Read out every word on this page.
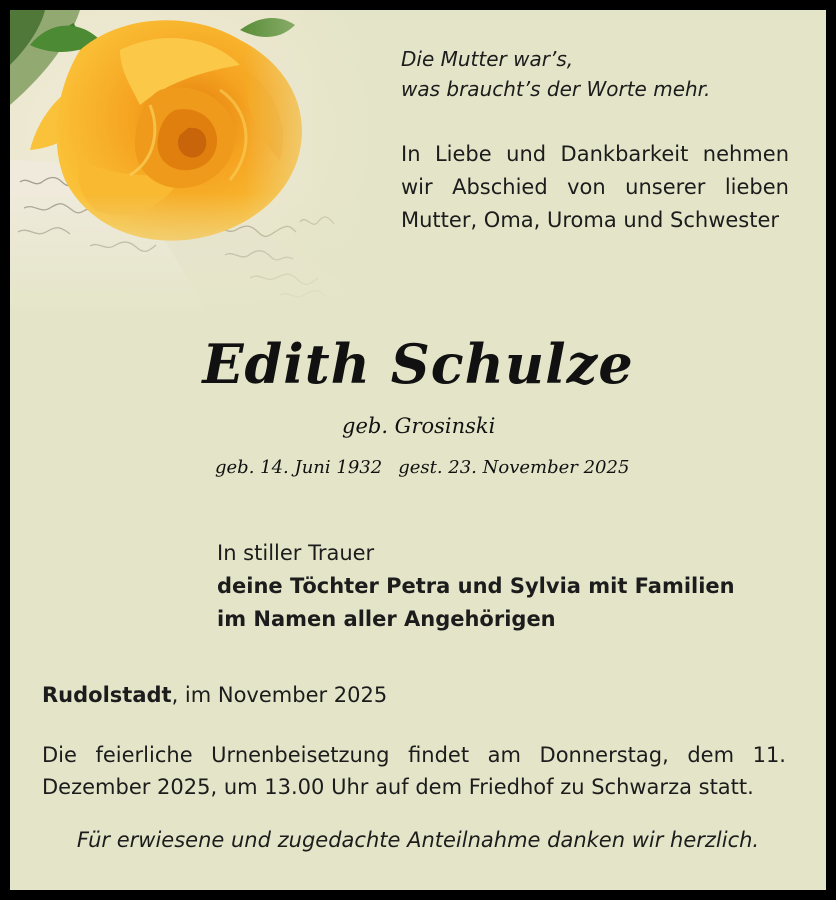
Die Mutter war’s,
was braucht’s der Worte mehr.
In Liebe und Dankbarkeit nehmen wir Abschied von unserer lieben Mutter, Oma, Uroma und Schwester
Edith Schulze
geb. Grosinski
geb. 14. Juni 1932 gest. 23. November 2025
In stiller Trauer
deine Töchter Petra und Sylvia mit Familien
im Namen aller Angehörigen
Rudolstadt, im November 2025
Die feierliche Urnenbeisetzung findet am Donnerstag, dem 11. Dezember 2025, um 13.00 Uhr auf dem Friedhof zu Schwarza statt.
Für erwiesene und zugedachte Anteilnahme danken wir herzlich.
